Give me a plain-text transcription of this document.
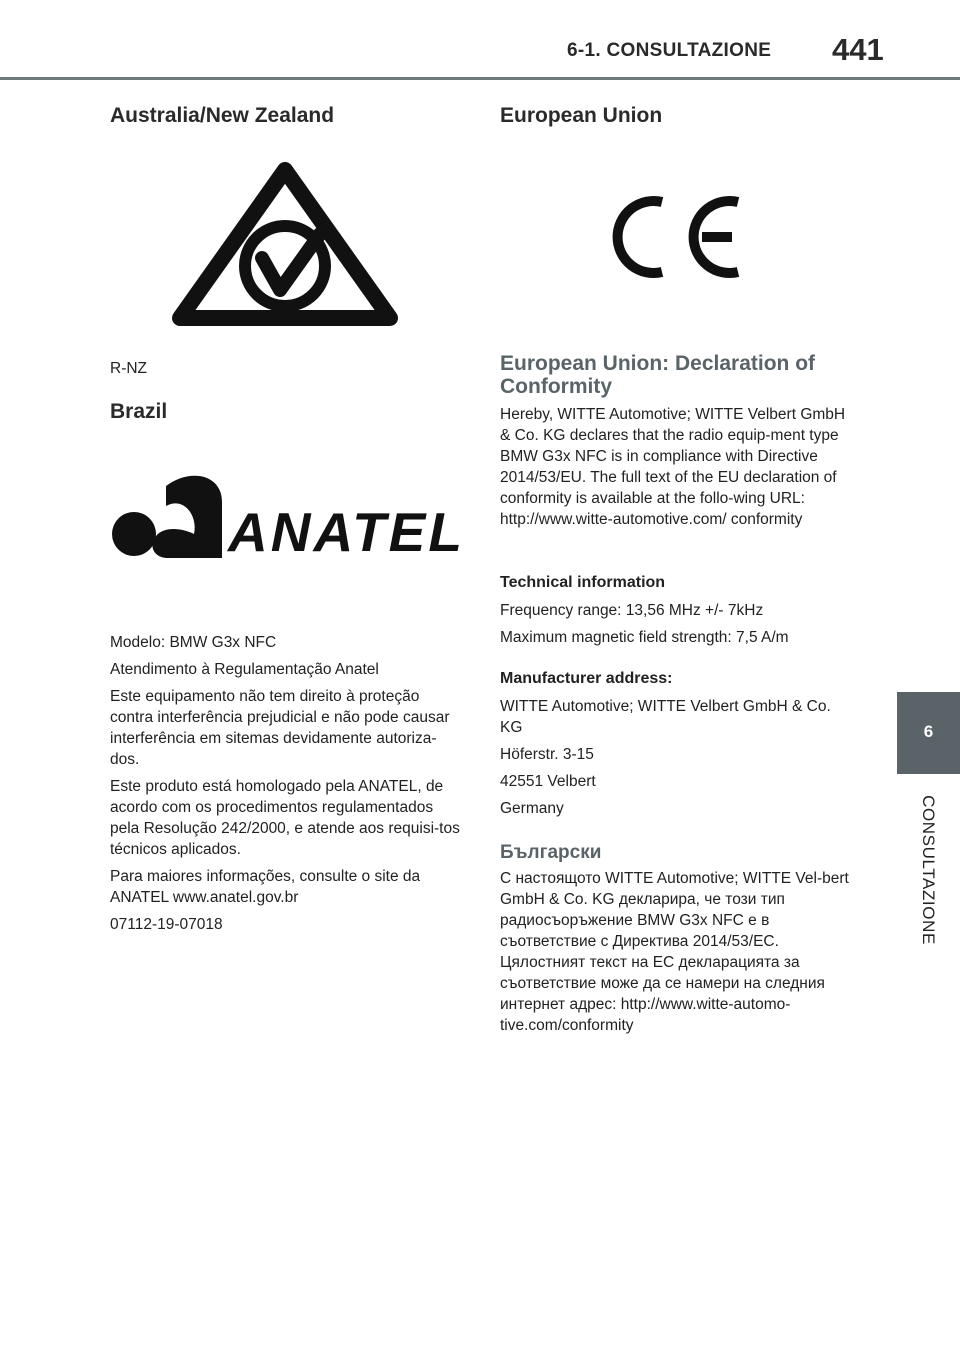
6-1. CONSULTAZIONE 441
6
CONSULTAZIONE
Australia/New Zealand

R-NZ

Brazil
ANATEL

Modelo: BMW G3x NFC

Atendimento à Regulamentação Anatel

Este equipamento não tem direito à proteção contra interferência prejudicial e não pode causar interferência em sitemas devidamente autoriza-dos.

Este produto está homologado pela ANATEL, de acordo com os procedimentos regulamentados pela Resolução 242/2000, e atende aos requisi-tos técnicos aplicados.

Para maiores informações, consulte o site da ANATEL www.anatel.gov.br

07112-19-07018

European Union
European Union: Declaration of Conformity

Hereby, WITTE Automotive; WITTE Velbert GmbH & Co. KG declares that the radio equip-ment type BMW G3x NFC is in compliance with Directive 2014/53/EU. The full text of the EU declaration of conformity is available at the follo-wing URL: http://www.witte-automotive.com/ conformity

Technical information

Frequency range: 13,56 MHz +/- 7kHz

Maximum magnetic field strength: 7,5 A/m

Manufacturer address:

WITTE Automotive; WITTE Velbert GmbH & Co. KG

Höferstr. 3-15

42551 Velbert

Germany

Български

С настоящото WITTE Automotive; WITTE Vel-bert GmbH & Co. KG декларира, че този тип радиосъоръжение BMW G3x NFC е в съответствие с Директива 2014/53/ЕС. Цялостният текст на ЕС декларацията за съответствие може да се намери на следния интернет адрес: http://www.witte-automo-tive.com/conformity
